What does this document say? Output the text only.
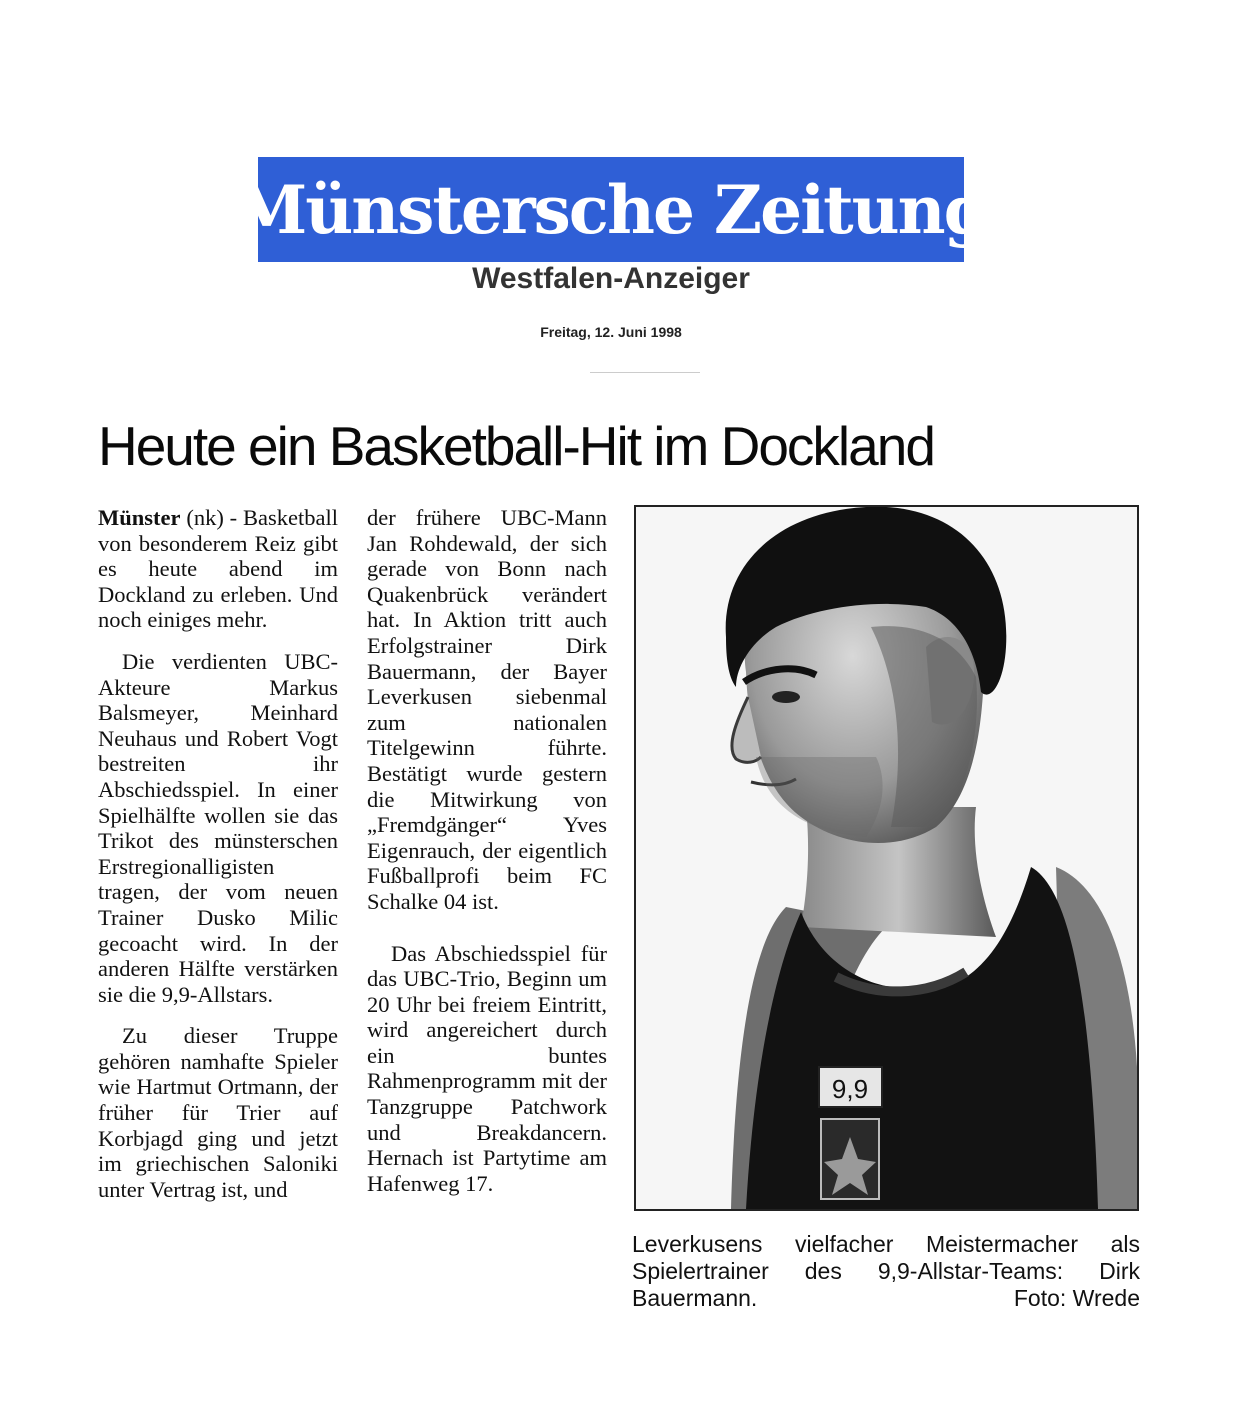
Münstersche Zeitung
Westfalen-Anzeiger
Freitag, 12. Juni 1998
Heute ein Basketball-Hit im Dockland

Münster (nk) - Basketball von besonderem Reiz gibt es heute abend im Dockland zu erleben. Und noch einiges mehr.

Die verdienten UBC-Akteure Markus Balsmeyer, Meinhard Neuhaus und Robert Vogt bestreiten ihr Abschiedsspiel. In einer Spielhälfte wollen sie das Trikot des münsterschen Erstregionalligisten tragen, der vom neuen Trainer Dusko Milic gecoacht wird. In der anderen Hälfte verstärken sie die 9,9-Allstars.

Zu dieser Truppe gehören namhafte Spieler wie Hartmut Ortmann, der früher für Trier auf Korbjagd ging und jetzt im griechischen Saloniki unter Vertrag ist, und

der frühere UBC-Mann Jan Rohdewald, der sich gerade von Bonn nach Quakenbrück verändert hat. In Aktion tritt auch Erfolgstrainer Dirk Bauermann, der Bayer Leverkusen siebenmal zum nationalen Titelgewinn führte. Bestätigt wurde gestern die Mitwirkung von „Fremdgänger“ Yves Eigenrauch, der eigentlich Fußballprofi beim FC Schalke 04 ist.

Das Abschiedsspiel für das UBC-Trio, Beginn um 20 Uhr bei freiem Eintritt, wird angereichert durch ein buntes Rahmenprogramm mit der Tanzgruppe Patchwork und Breakdancern. Hernach ist Partytime am Hafenweg 17.

9,9
Leverkusens vielfacher Meistermacher als Spielertrainer des 9,9-Allstar-Teams: Dirk Bauermann.	Foto: Wrede
